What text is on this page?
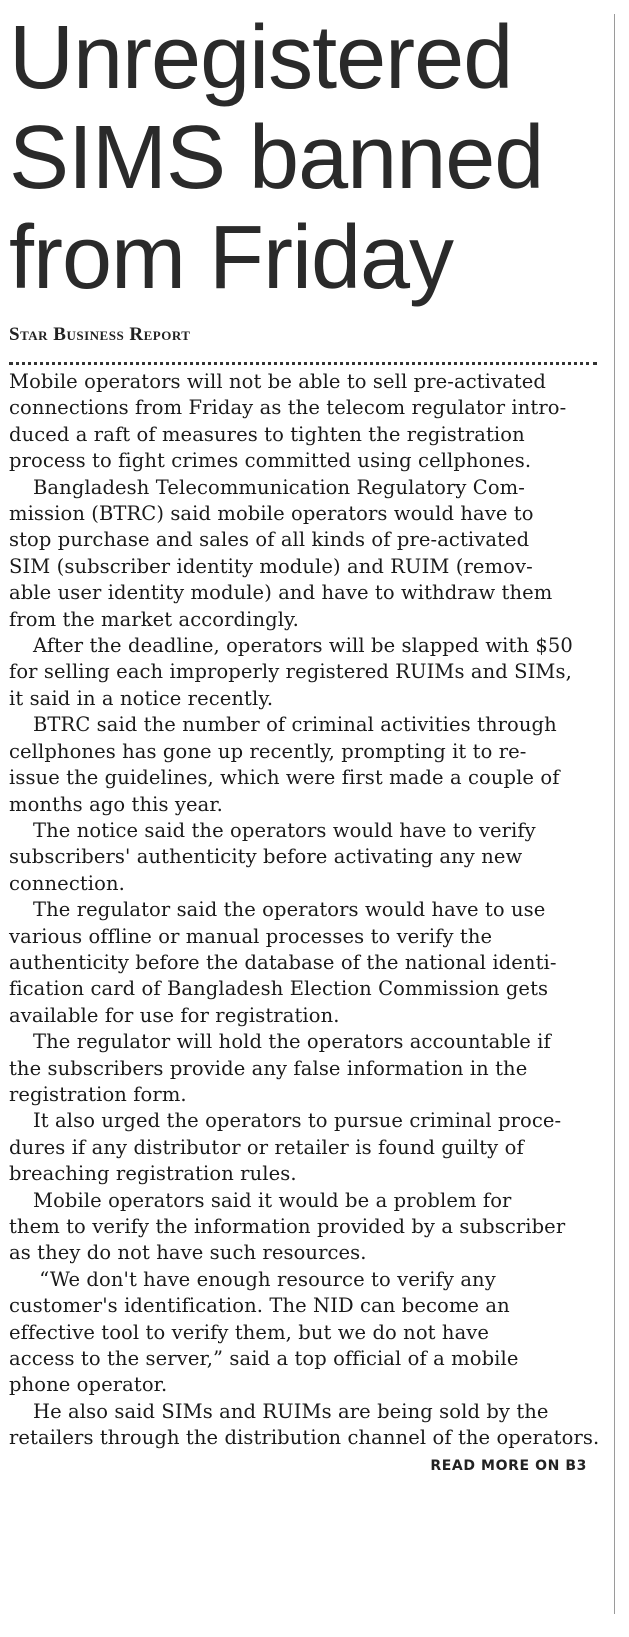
Unregistered
SIMS banned
from Friday
Star Business Report
Mobile operators will not be able to sell pre-activated
connections from Friday as the telecom regulator intro-
duced a raft of measures to tighten the registration
process to fight crimes committed using cellphones.
Bangladesh Telecommunication Regulatory Com-
mission (BTRC) said mobile operators would have to
stop purchase and sales of all kinds of pre-activated
SIM (subscriber identity module) and RUIM (remov-
able user identity module) and have to withdraw them
from the market accordingly.
After the deadline, operators will be slapped with $50
for selling each improperly registered RUIMs and SIMs,
it said in a notice recently.
BTRC said the number of criminal activities through
cellphones has gone up recently, prompting it to re-
issue the guidelines, which were first made a couple of
months ago this year.
The notice said the operators would have to verify
subscribers' authenticity before activating any new
connection.
The regulator said the operators would have to use
various offline or manual processes to verify the
authenticity before the database of the national identi-
fication card of Bangladesh Election Commission gets
available for use for registration.
The regulator will hold the operators accountable if
the subscribers provide any false information in the
registration form.
It also urged the operators to pursue criminal proce-
dures if any distributor or retailer is found guilty of
breaching registration rules.
Mobile operators said it would be a problem for
them to verify the information provided by a subscriber
as they do not have such resources.
“We don't have enough resource to verify any
customer's identification. The NID can become an
effective tool to verify them, but we do not have
access to the server,” said a top official of a mobile
phone operator.
He also said SIMs and RUIMs are being sold by the
retailers through the distribution channel of the operators.
READ MORE ON B3
